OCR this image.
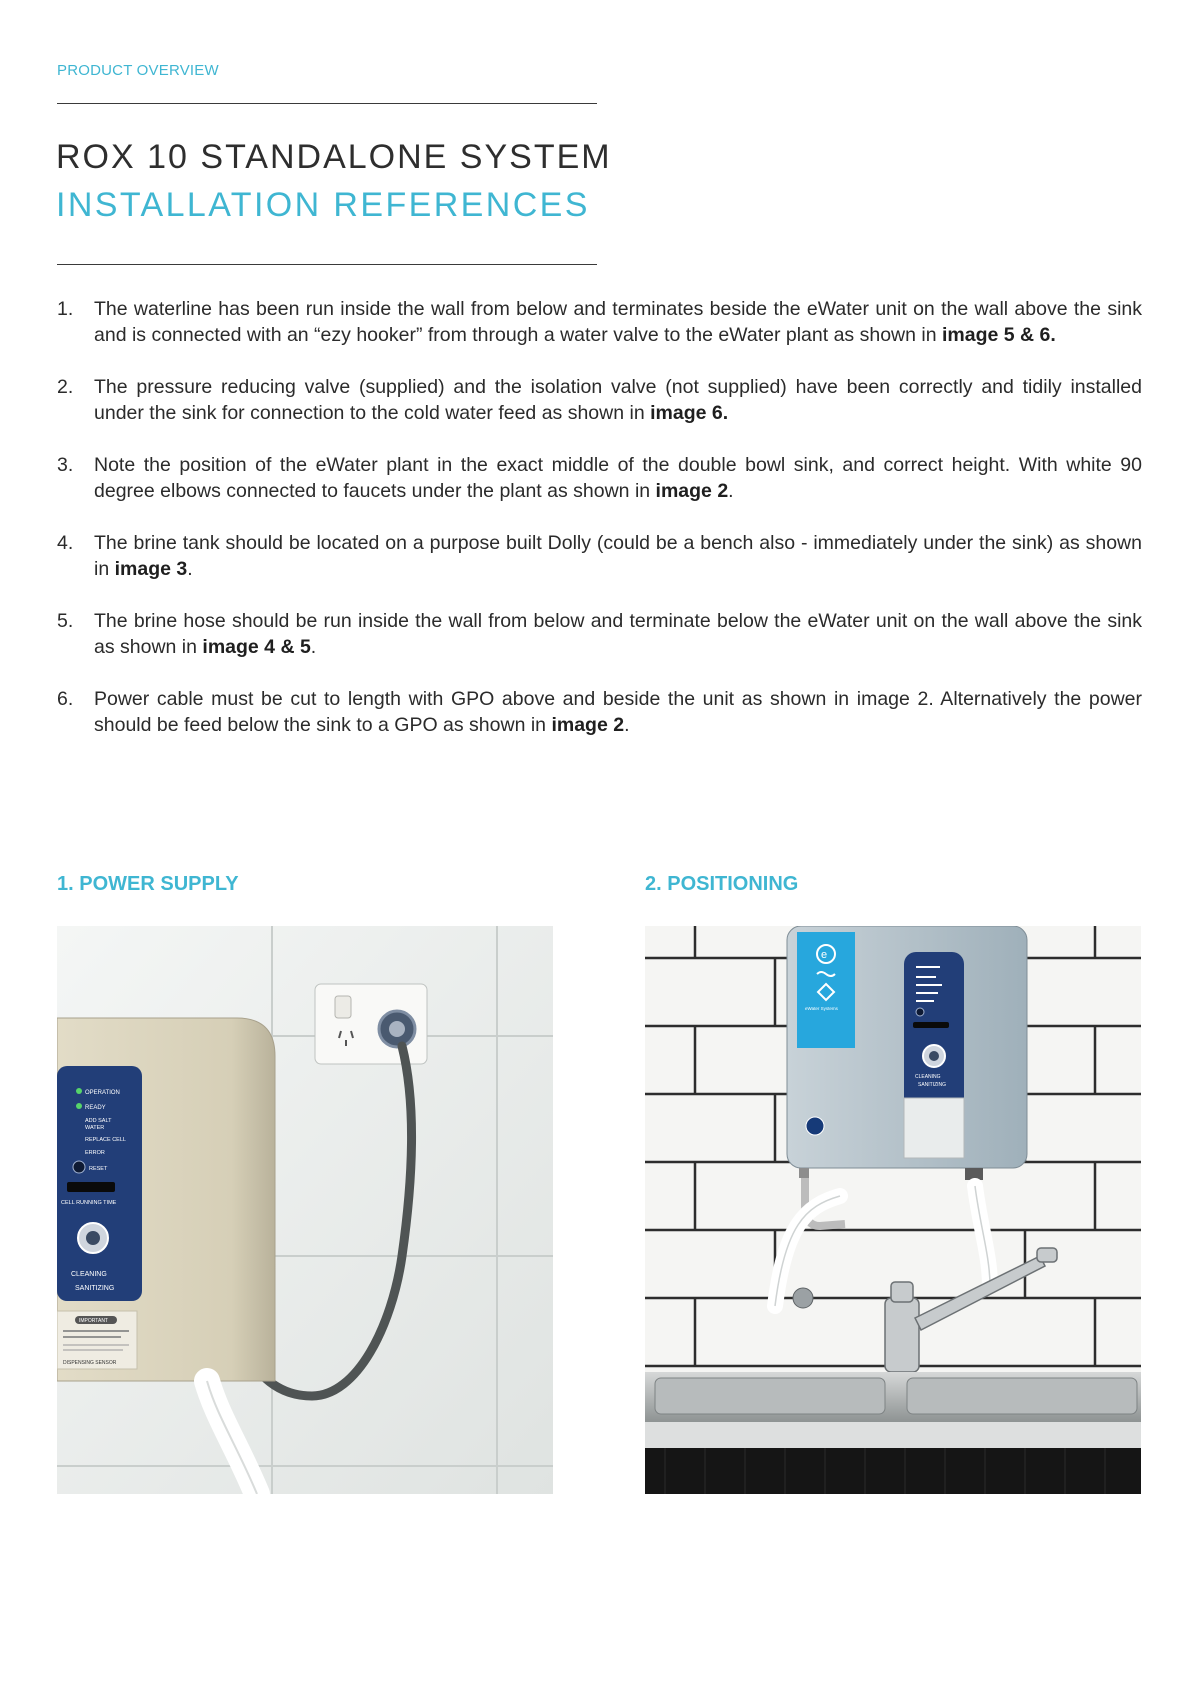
PRODUCT OVERVIEW
ROX 10 STANDALONE SYSTEM
INSTALLATION REFERENCES
1.	The waterline has been run inside the wall from below and terminates beside the eWater unit on the wall above the sink and is connected with an “ezy hooker” from through a water valve to the eWater plant as shown in image 5 & 6.
2.	The pressure reducing valve (supplied) and the isolation valve (not supplied) have been correctly and tidily installed under the sink for connection to the cold water feed as shown in image 6.
3.	Note the position of the eWater plant in the exact middle of the double bowl sink, and correct height. With white 90 degree elbows connected to faucets under the plant as shown in image 2.
4.	The brine tank should be located on a purpose built Dolly (could be a bench also - immediately under the sink) as shown in image 3.
5.	The brine hose should be run inside the wall from below and terminate below the eWater unit on the wall above the sink as shown in image 4 & 5.
6.	Power cable must be cut to length with GPO above and beside the unit as shown in image 2. Alternatively the power should be feed below the sink to a GPO as shown in image 2.
1. POWER SUPPLY	2. POSITIONING
OPERATION
READY
ADD SALT
WATER
REPLACE CELL
ERROR
RESET
CELL RUNNING TIME
CLEANING
SANITIZING
IMPORTANT
DISPENSING SENSOR
e
eWater Systems
CLEANING
SANITIZING
